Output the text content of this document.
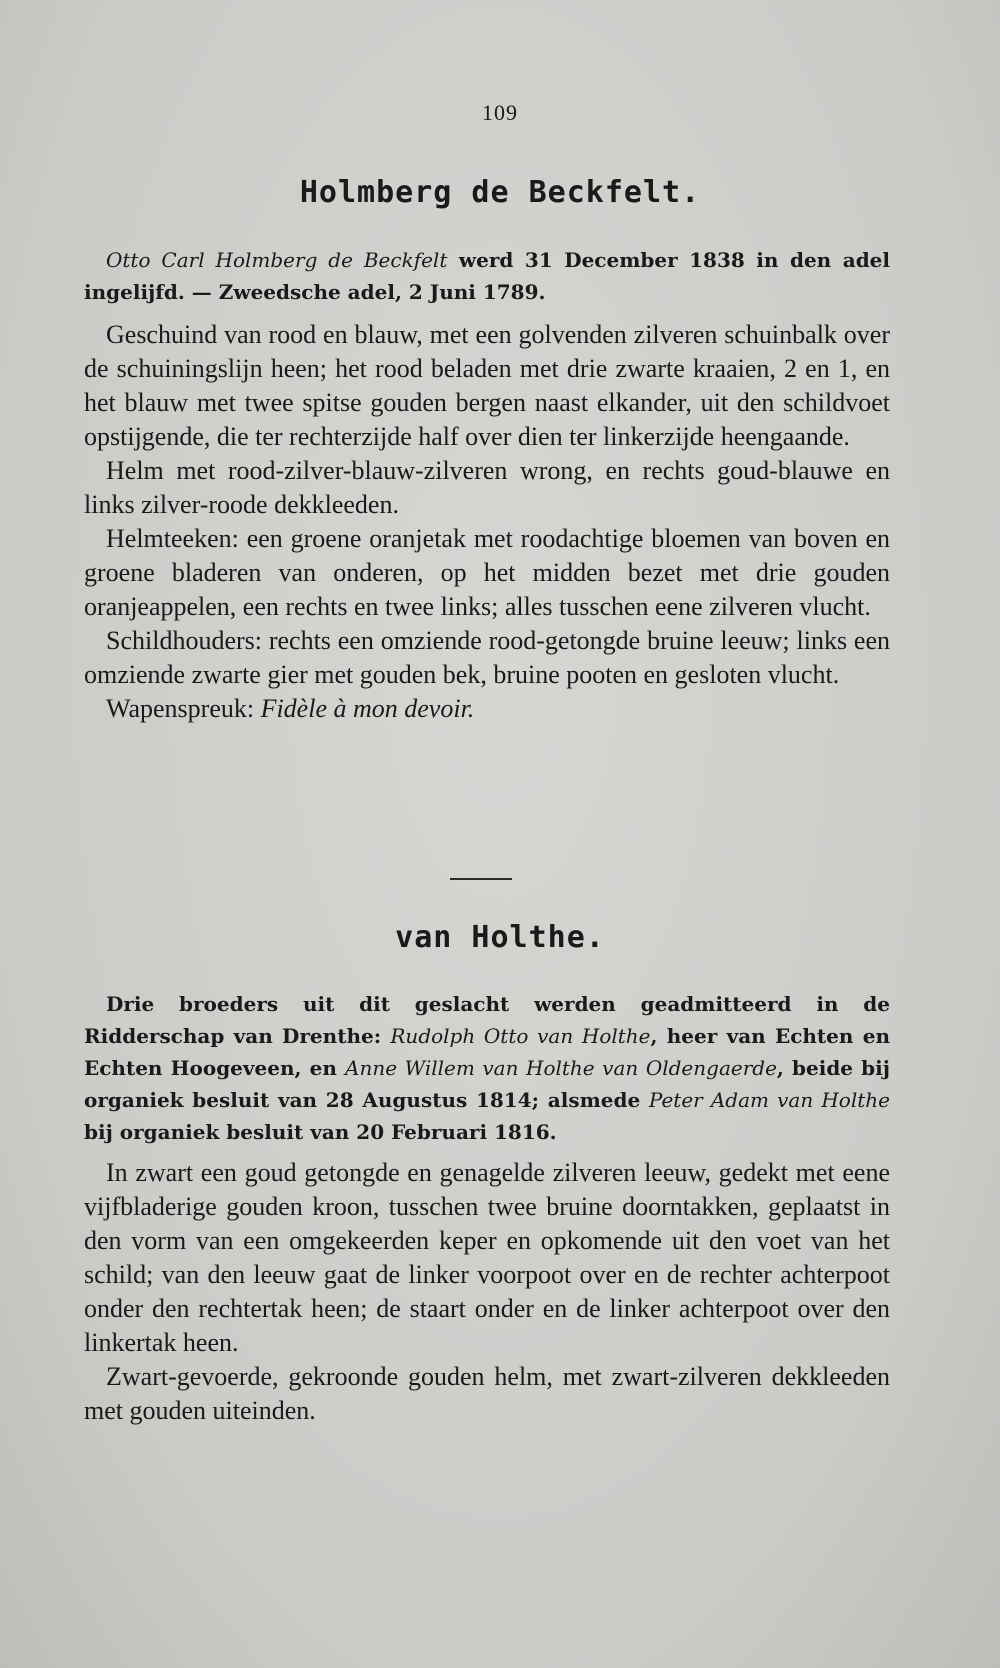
109
Holmberg de Beckfelt.

Otto Carl Holmberg de Beckfelt werd 31 December 1838 in den adel ingelijfd. — Zweedsche adel, 2 Juni 1789.

Geschuind van rood en blauw, met een golvenden zilveren schuinbalk over de schuiningslijn heen; het rood beladen met drie zwarte kraaien, 2 en 1, en het blauw met twee spitse gouden bergen naast elkander, uit den schildvoet opstijgende, die ter rechterzijde half over dien ter linkerzijde heengaande.

Helm met rood-zilver-blauw-zilveren wrong, en rechts goud-blauwe en links zilver-roode dekkleeden.

Helmteeken: een groene oranjetak met roodachtige bloemen van boven en groene bladeren van onderen, op het midden bezet met drie gouden oranjeappelen, een rechts en twee links; alles tusschen eene zilveren vlucht.

Schildhouders: rechts een omziende rood-getongde bruine leeuw; links een omziende zwarte gier met gouden bek, bruine pooten en gesloten vlucht.

Wapenspreuk: Fidèle à mon devoir.

van Holthe.

Drie broeders uit dit geslacht werden geadmitteerd in de Ridderschap van Drenthe: Rudolph Otto van Holthe, heer van Echten en Echten Hoogeveen, en Anne Willem van Holthe van Oldengaerde, beide bij organiek besluit van 28 Augustus 1814; alsmede Peter Adam van Holthe bij organiek besluit van 20 Februari 1816.

In zwart een goud getongde en genagelde zilveren leeuw, gedekt met eene vijfbladerige gouden kroon, tusschen twee bruine doorntakken, geplaatst in den vorm van een omgekeerden keper en opkomende uit den voet van het schild; van den leeuw gaat de linker voorpoot over en de rechter achterpoot onder den rechtertak heen; de staart onder en de linker achterpoot over den linkertak heen.

Zwart-gevoerde, gekroonde gouden helm, met zwart-zilveren dekkleeden met gouden uiteinden.
